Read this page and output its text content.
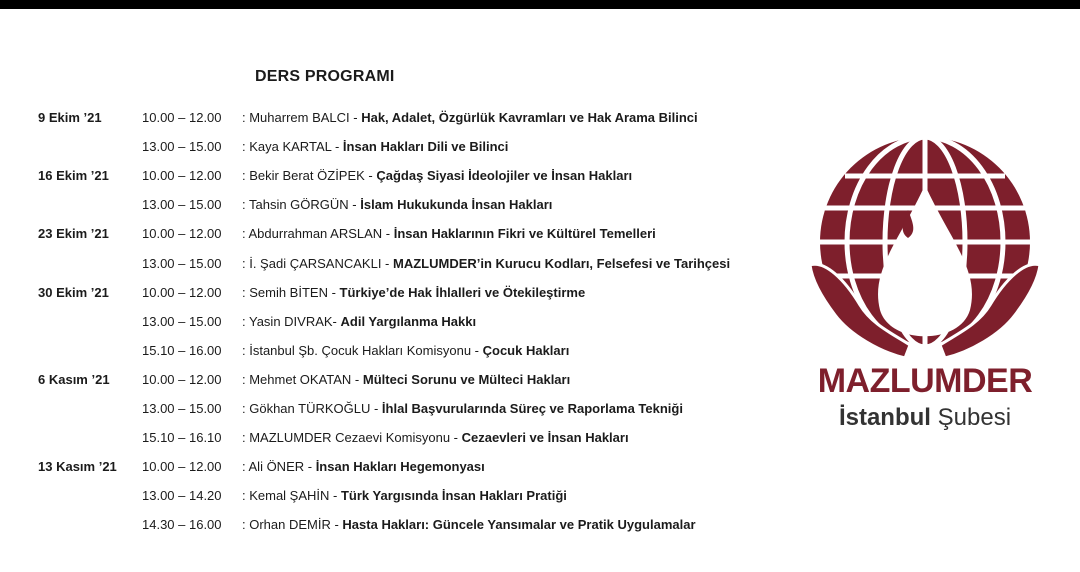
DERS PROGRAMI
9 Ekim ’21	10.00 – 12.00 : Muharrem BALCI - Hak, Adalet, Özgürlük Kavramları ve Hak Arama Bilinci
13.00 – 15.00 : Kaya KARTAL - İnsan Hakları Dili ve Bilinci
16 Ekim ’21	10.00 – 12.00 : Bekir Berat ÖZİPEK - Çağdaş Siyasi İdeolojiler ve İnsan Hakları
13.00 – 15.00 : Tahsin GÖRGÜN - İslam Hukukunda İnsan Hakları
23 Ekim ’21	10.00 – 12.00 : Abdurrahman ARSLAN - İnsan Haklarının Fikri ve Kültürel Temelleri
13.00 – 15.00 : İ. Şadi ÇARSANCAKLI - MAZLUMDER’in Kurucu Kodları, Felsefesi ve Tarihçesi
30 Ekim ’21	10.00 – 12.00 : Semih BİTEN - Türkiye’de Hak İhlalleri ve Ötekileştirme
13.00 – 15.00 : Yasin DIVRAK- Adil Yargılanma Hakkı
15.10 – 16.00 : İstanbul Şb. Çocuk Hakları Komisyonu - Çocuk Hakları
6 Kasım ’21 10.00 – 12.00 : Mehmet OKATAN - Mülteci Sorunu ve Mülteci Hakları
13.00 – 15.00 : Gökhan TÜRKOĞLU - İhlal Başvurularında Süreç ve Raporlama Tekniği
15.10 – 16.10 : MAZLUMDER Cezaevi Komisyonu - Cezaevleri ve İnsan Hakları
13 Kasım ’21 10.00 – 12.00 : Ali ÖNER - İnsan Hakları Hegemonyası
13.00 – 14.20 : Kemal ŞAHİN - Türk Yargısında İnsan Hakları Pratiği
14.30 – 16.00 : Orhan DEMİR - Hasta Hakları: Güncele Yansımalar ve Pratik Uygulamalar
MAZLUMDER
İstanbul Şubesi
